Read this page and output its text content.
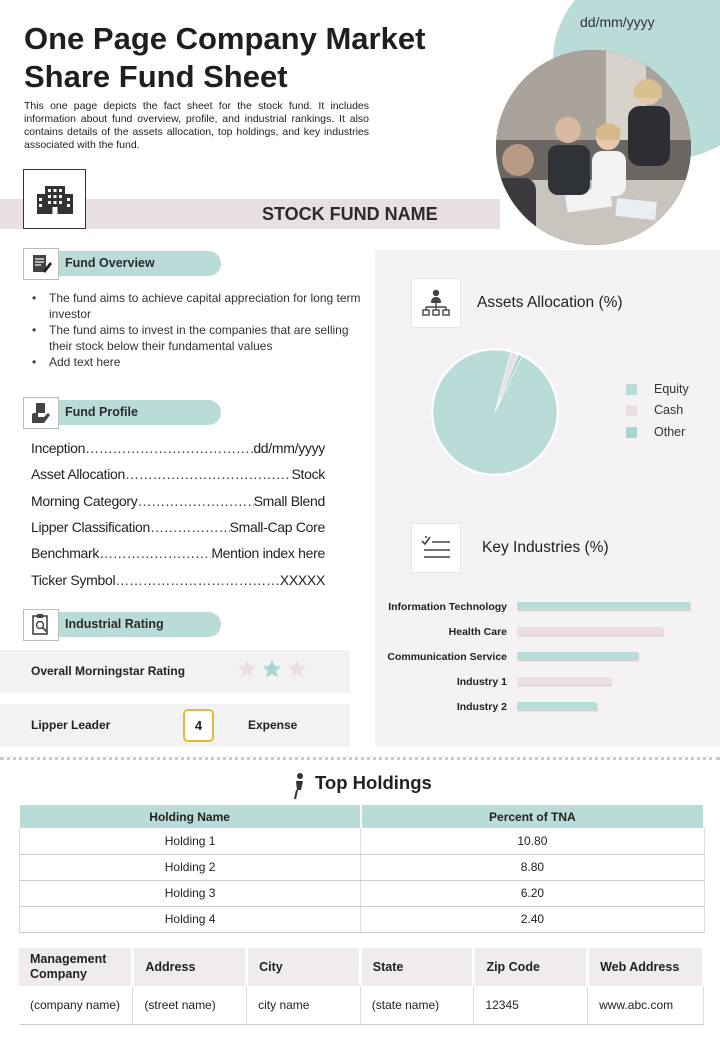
dd/mm/yyyy
One Page Company Market
Share Fund Sheet

This one page depicts the fact sheet for the stock fund. It includes information about fund overview, profile, and industrial rankings. It also contains details of the assets allocation, top holdings, and key industries associated with the fund.

STOCK FUND NAME
Fund Overview
• The fund aims to achieve capital appreciation for long term investor
• The fund aims to invest in the companies that are selling their stock below their fundamental values
• Add text here
Fund Profile
Inception ……………………………………………………………………………………………	dd/mm/yyyy
Asset Allocation ……………………………………………………………………………………………	Stock
Morning Category ……………………………………………………………………………………………	Small Blend
Lipper Classification ……………………………………………………………………………………………	Small-Cap Core
Benchmark ……………………………………………………………………………………………	Mention index here
Ticker Symbol ……………………………………………………………………………………………	XXXXX
Industrial Rating
Overall Morningstar Rating
Lipper Leader	4	Expense
Assets Allocation (%)
Equity
Cash
Other
Key Industries (%)
Information Technology
Health Care
Communication Service
Industry 1
Industry 2
Top Holdings
Holding Name	Percent of TNA
Holding 1	10.80
Holding 2	8.80
Holding 3	6.20
Holding 4	2.40
Management Company	Address	City	State	Zip Code	Web Address
(company name)	(street name)	city name	(state name)	12345	www.abc.com
